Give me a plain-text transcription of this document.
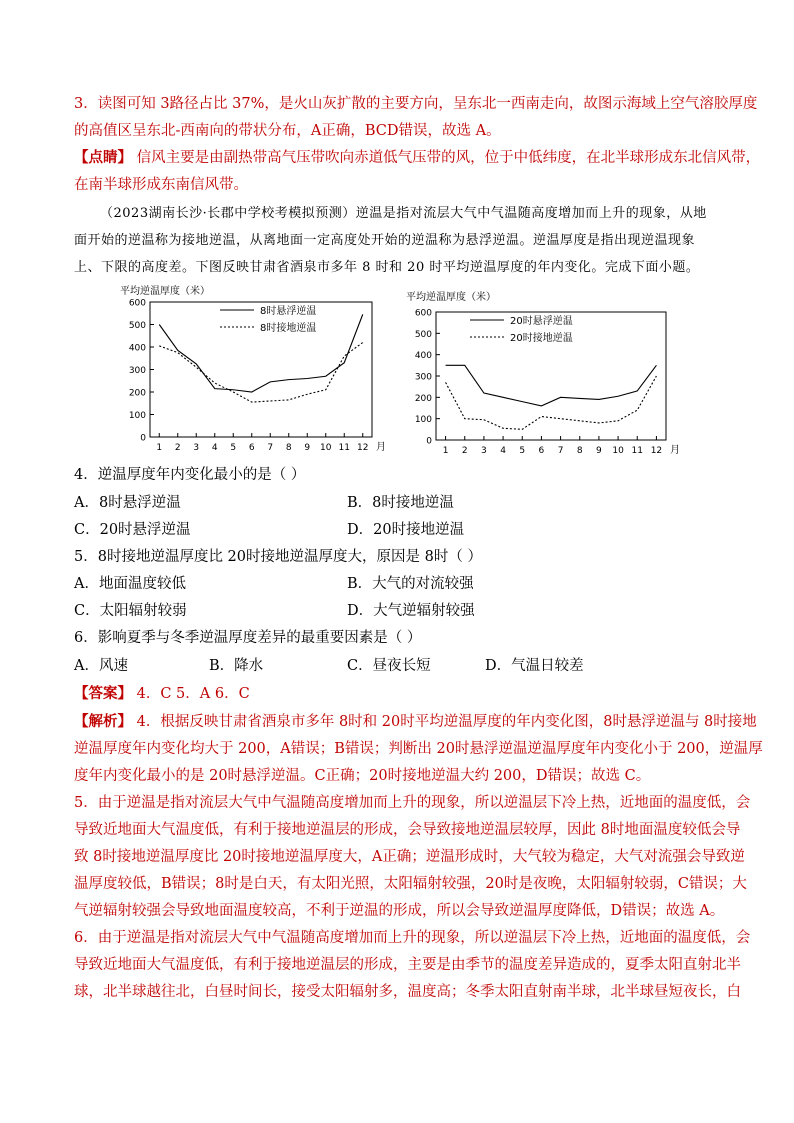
3．读图可知 3路径占比 37%，是火山灰扩散的主要方向，呈东北一西南走向，故图示海域上空气溶胶厚度
的高值区呈东北-西南向的带状分布，A正确，BCD错误，故选 A。
【点睛】 信风主要是由副热带高气压带吹向赤道低气压带的风，位于中低纬度，在北半球形成东北信风带，
在南半球形成东南信风带。
（2023湖南长沙·长郡中学校考模拟预测）逆温是指对流层大气中气温随高度增加而上升的现象，从地
面开始的逆温称为接地逆温，从离地面一定高度处开始的逆温称为悬浮逆温。逆温厚度是指出现逆温现象
上、下限的高度差。下图反映甘肃省酒泉市多年 8 时和 20 时平均逆温厚度的年内变化。完成下面小题。
平均逆温厚度（米）
0
100
200
300
400
500
600
1 2 3 4 5 6 7 8 9 10 11 12 月
8时悬浮逆温
8时接地逆温
平均逆温厚度（米）
0
100
200
300
400
500
600
1 2 3 4 5 6 7 8 9 10 11 12 月
20时悬浮逆温
20时接地逆温
4．逆温厚度年内变化最小的是（ ）
A．8时悬浮逆温	B．8时接地逆温
C．20时悬浮逆温	D．20时接地逆温
5．8时接地逆温厚度比 20时接地逆温厚度大，原因是 8时（ ）
A．地面温度较低	B．大气的对流较强
C．太阳辐射较弱	D．大气逆辐射较强
6．影响夏季与冬季逆温厚度差异的最重要因素是（ ）
A．风速	B．降水	C．昼夜长短	D．气温日较差
【答案】 4．C 5．A 6．C
【解析】 4．根据反映甘肃省酒泉市多年 8时和 20时平均逆温厚度的年内变化图，8时悬浮逆温与 8时接地
逆温厚度年内变化均大于 200，A错误；B错误；判断出 20时悬浮逆温逆温厚度年内变化小于 200，逆温厚
度年内变化最小的是 20时悬浮逆温。C正确；20时接地逆温大约 200，D错误；故选 C。
5．由于逆温是指对流层大气中气温随高度增加而上升的现象，所以逆温层下冷上热，近地面的温度低，会
导致近地面大气温度低，有利于接地逆温层的形成，会导致接地逆温层较厚，因此 8时地面温度较低会导
致 8时接地逆温厚度比 20时接地逆温厚度大，A正确；逆温形成时，大气较为稳定，大气对流强会导致逆
温厚度较低，B错误；8时是白天，有太阳光照，太阳辐射较强，20时是夜晚，太阳辐射较弱，C错误；大
气逆辐射较强会导致地面温度较高，不利于逆温的形成，所以会导致逆温厚度降低，D错误；故选 A。
6．由于逆温是指对流层大气中气温随高度增加而上升的现象，所以逆温层下冷上热，近地面的温度低，会
导致近地面大气温度低，有利于接地逆温层的形成，主要是由季节的温度差异造成的，夏季太阳直射北半
球，北半球越往北，白昼时间长，接受太阳辐射多，温度高；冬季太阳直射南半球，北半球昼短夜长，白
